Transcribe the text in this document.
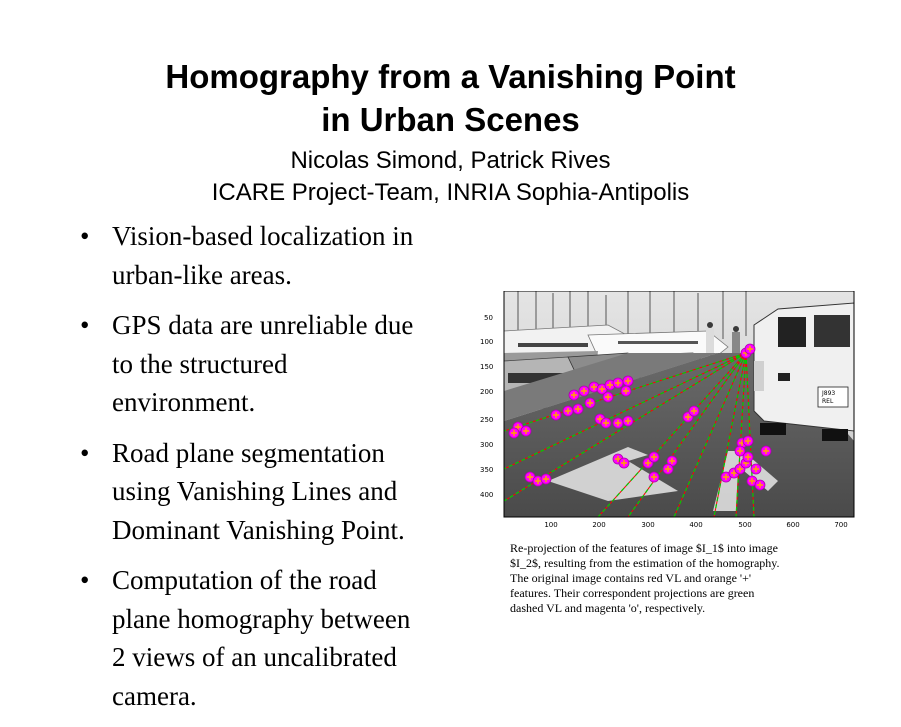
Homography from a Vanishing Point
in Urban Scenes
Nicolas Simond, Patrick Rives
ICARE Project-Team, INRIA Sophia-Antipolis
• Vision-based localization in
urban-like areas.
• GPS data are unreliable due
to the structured
environment.
• Road plane segmentation
using Vanishing Lines and
Dominant Vanishing Point.
• Computation of the road
plane homography between
2 views of an uncalibrated
camera.
J893
REL
50
100
150
200
250
300
350
400
100	200	300	400	500	600	700
Re-projection of the features of image $I_1$ into image
$I_2$, resulting from the estimation of the homography.
The original image contains red VL and orange '+'
features. Their correspondent projections are green
dashed VL and magenta 'o', respectively.
